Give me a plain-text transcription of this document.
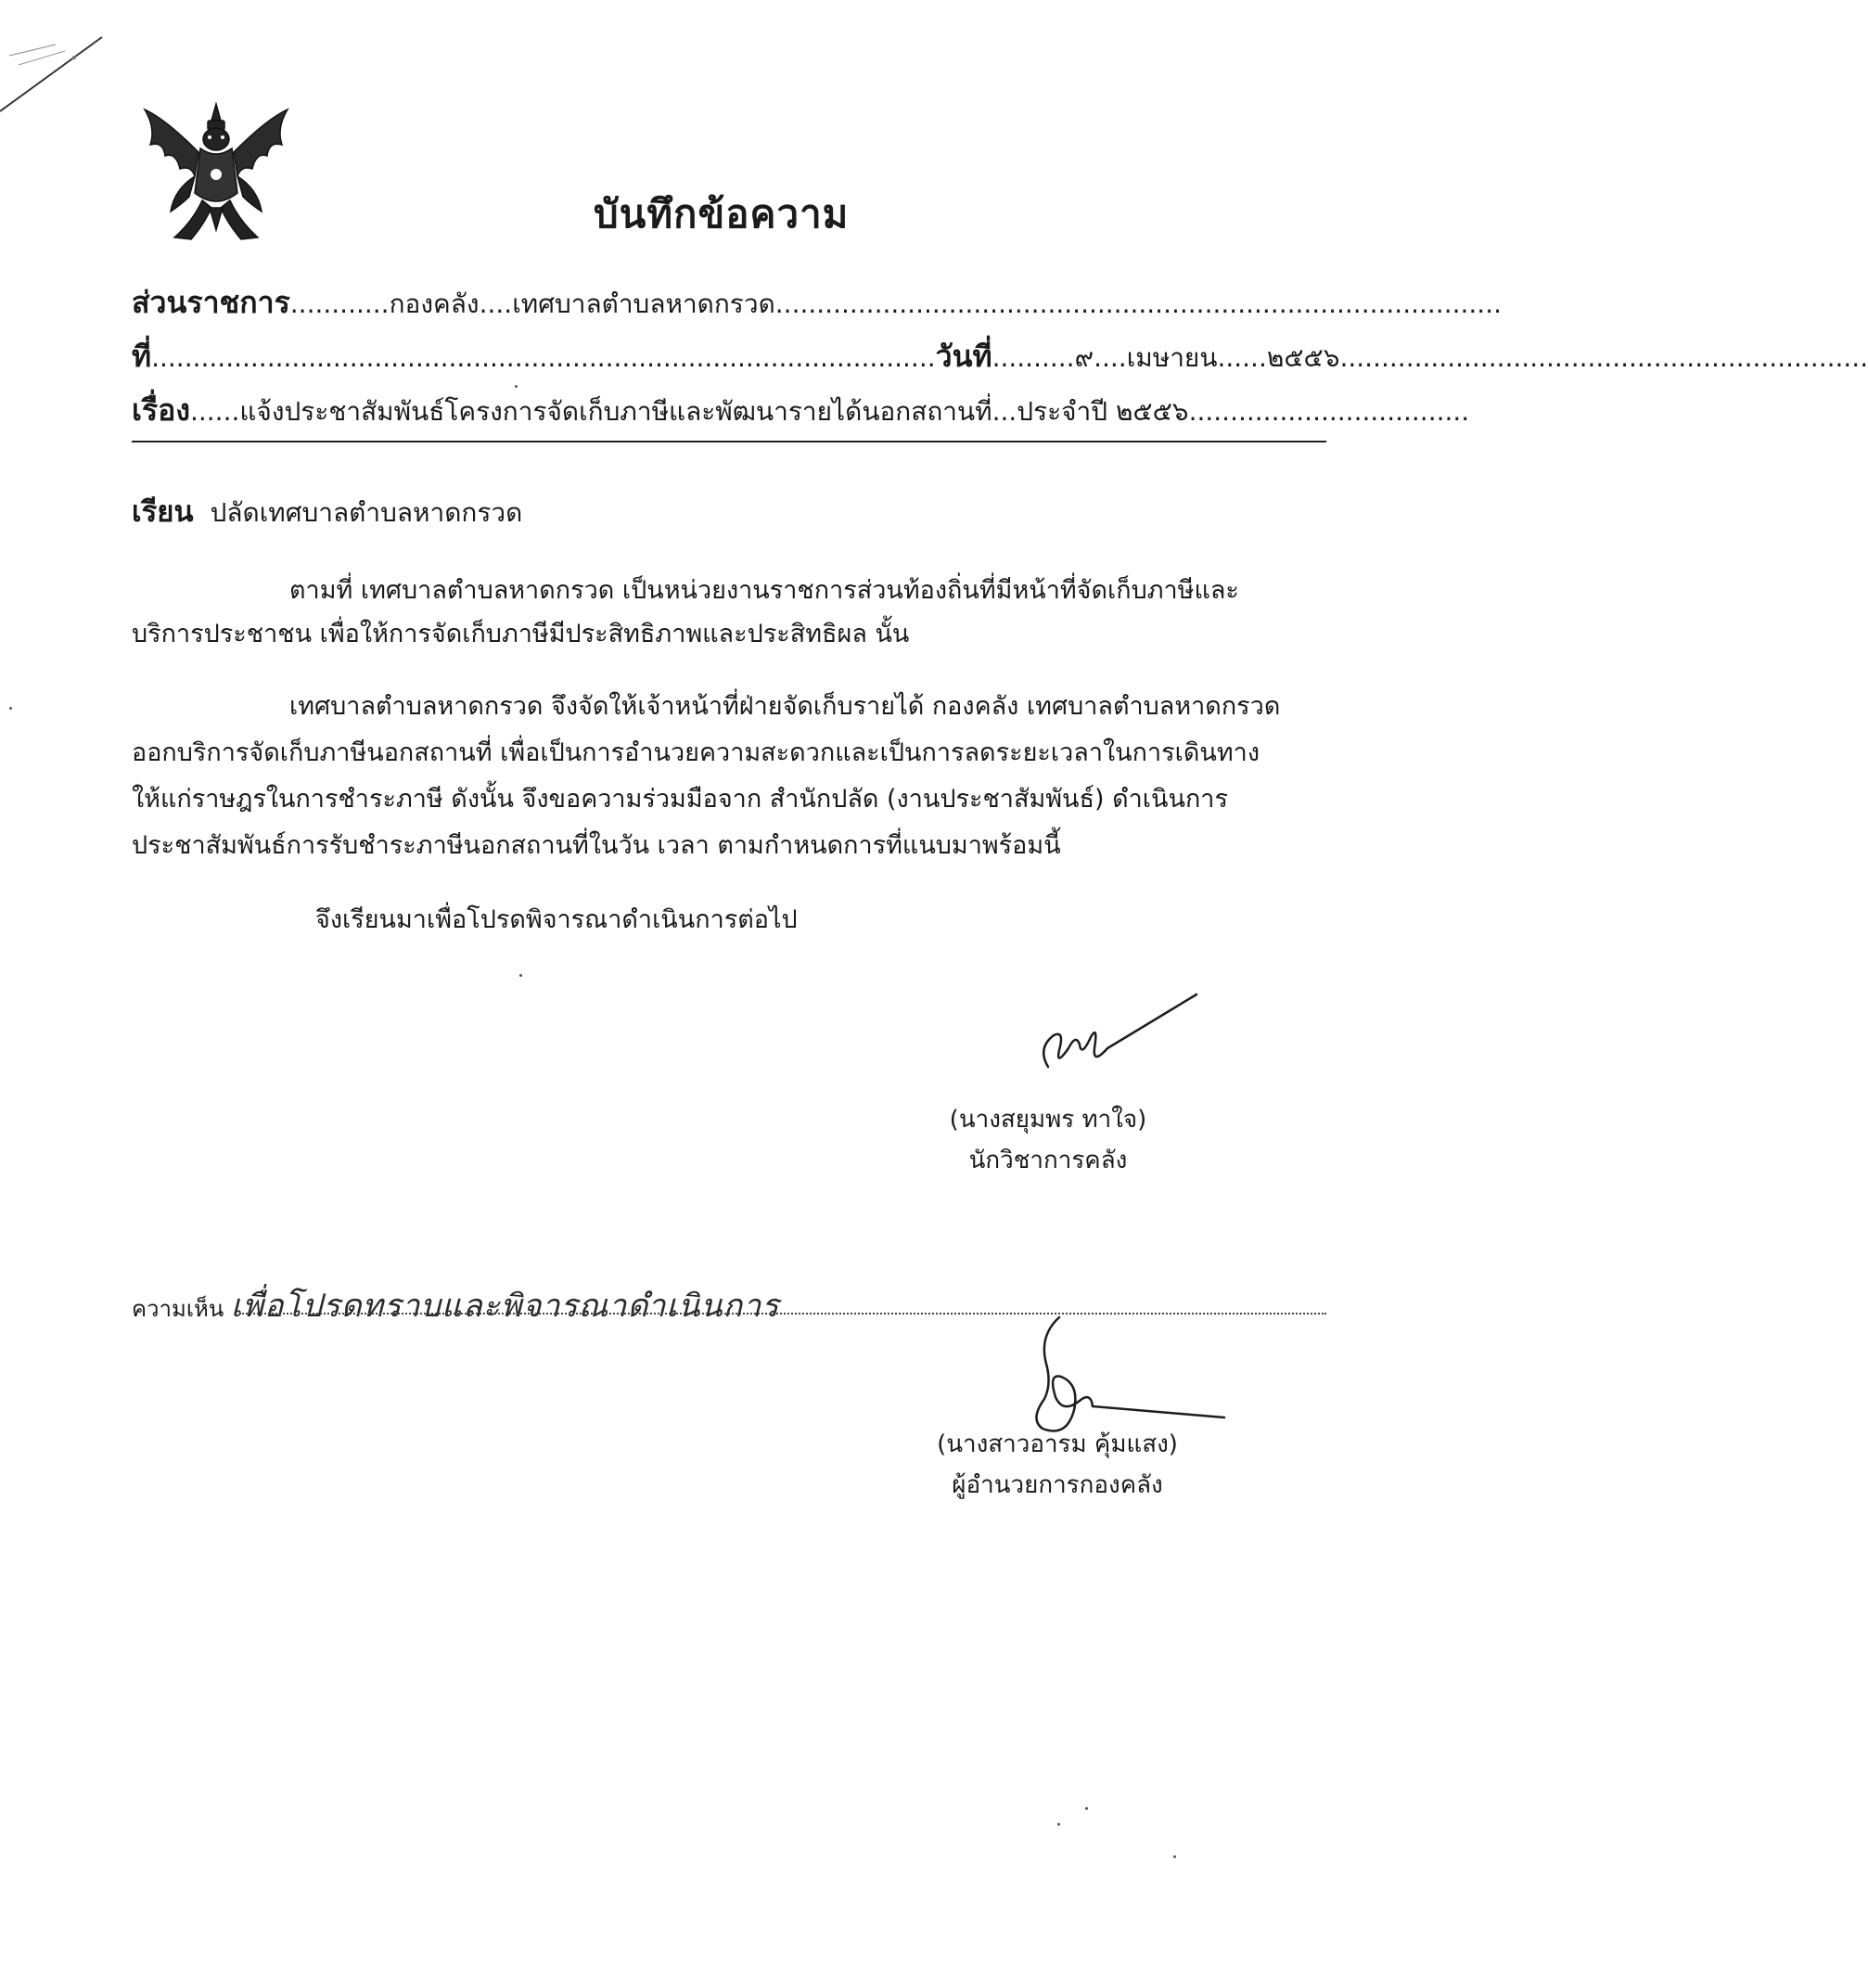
บันทึกข้อความ
ส่วนราชการ............กองคลัง....เทศบาลตำบลหาดกรวด........................................................................................
ที่...............................................................................................วันที่..........๙....เมษายน......๒๕๕๖................................................................
เรื่อง......แจ้งประชาสัมพันธ์โครงการจัดเก็บภาษีและพัฒนารายได้นอกสถานที่...ประจำปี ๒๕๕๖..................................
เรียน ปลัดเทศบาลตำบลหาดกรวด
ตามที่ เทศบาลตำบลหาดกรวด เป็นหน่วยงานราชการส่วนท้องถิ่นที่มีหน้าที่จัดเก็บภาษีและ
บริการประชาชน เพื่อให้การจัดเก็บภาษีมีประสิทธิภาพและประสิทธิผล นั้น
เทศบาลตำบลหาดกรวด จึงจัดให้เจ้าหน้าที่ฝ่ายจัดเก็บรายได้ กองคลัง เทศบาลตำบลหาดกรวด
ออกบริการจัดเก็บภาษีนอกสถานที่ เพื่อเป็นการอำนวยความสะดวกและเป็นการลดระยะเวลาในการเดินทาง
ให้แก่ราษฎรในการชำระภาษี ดังนั้น จึงขอความร่วมมือจาก สำนักปลัด (งานประชาสัมพันธ์) ดำเนินการ
ประชาสัมพันธ์การรับชำระภาษีนอกสถานที่ในวัน เวลา ตามกำหนดการที่แนบมาพร้อมนี้
จึงเรียนมาเพื่อโปรดพิจารณาดำเนินการต่อไป
(นางสยุมพร ทาใจ)
นักวิชาการคลัง
ความเห็น เพื่อโปรดทราบและพิจารณาดำเนินการ
(นางสาวอารม คุ้มแสง)
ผู้อำนวยการกองคลัง
